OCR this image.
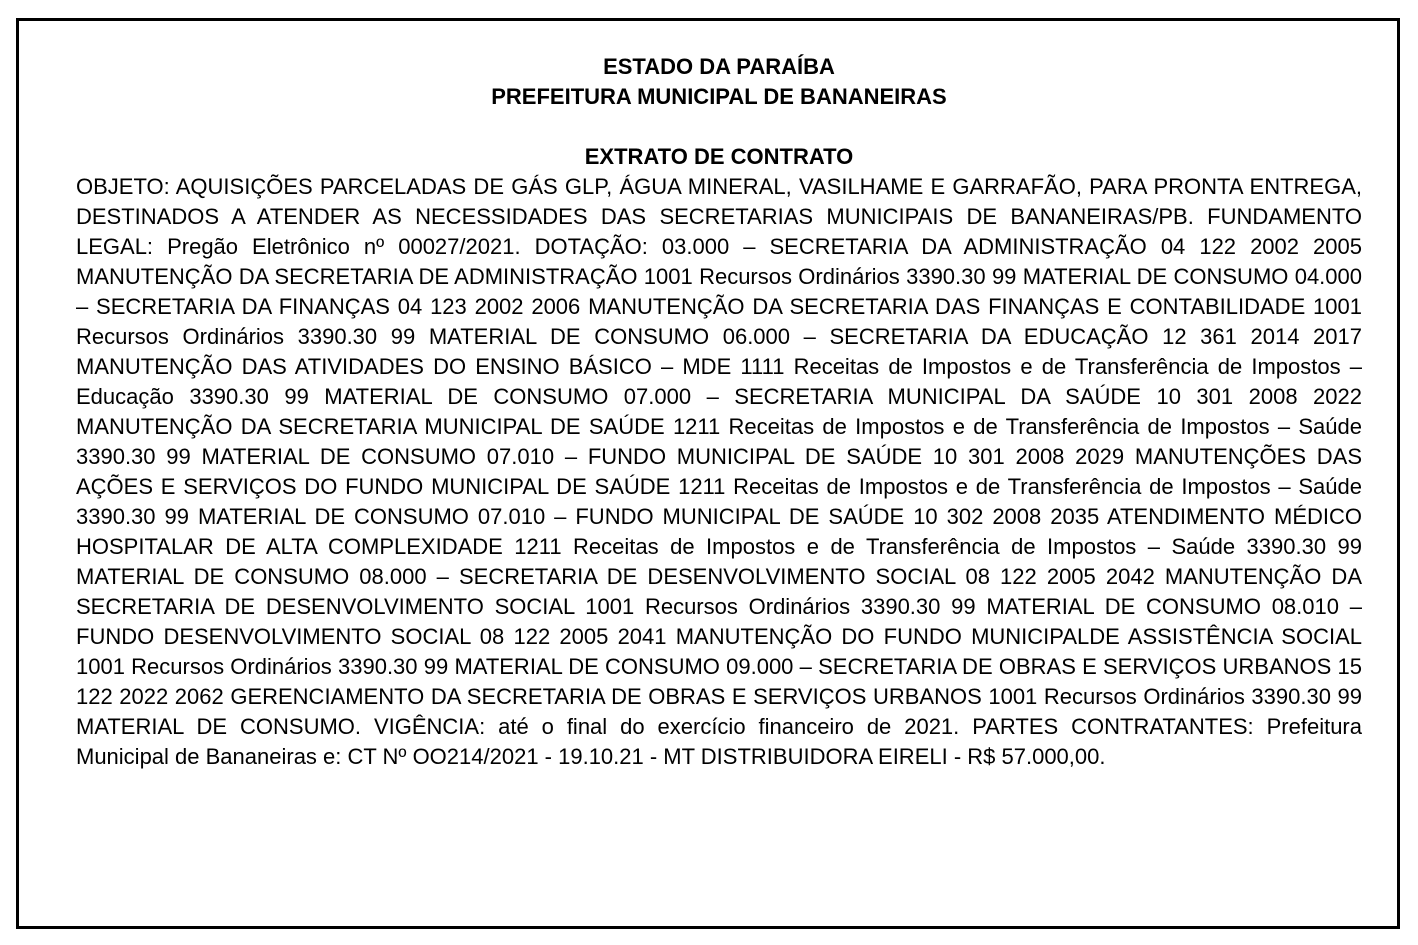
ESTADO DA PARAÍBA

PREFEITURA MUNICIPAL DE BANANEIRAS

EXTRATO DE CONTRATO

OBJETO: AQUISIÇÕES PARCELADAS DE GÁS GLP, ÁGUA MINERAL, VASILHAME E GARRAFÃO, PARA PRONTA ENTREGA, DESTINADOS A ATENDER AS NECESSIDADES DAS SECRETARIAS MUNICIPAIS DE BANANEIRAS/PB. FUNDAMENTO LEGAL: Pregão Eletrônico nº 00027/2021. DOTAÇÃO: 03.000 – SECRETARIA DA ADMINISTRAÇÃO 04 122 2002 2005 MANUTENÇÃO DA SECRETARIA DE ADMINISTRAÇÃO 1001 Recursos Ordinários 3390.30 99 MATERIAL DE CONSUMO 04.000 – SECRETARIA DA FINANÇAS 04 123 2002 2006 MANUTENÇÃO DA SECRETARIA DAS FINANÇAS E CONTABILIDADE 1001 Recursos Ordinários 3390.30 99 MATERIAL DE CONSUMO 06.000 – SECRETARIA DA EDUCAÇÃO 12 361 2014 2017 MANUTENÇÃO DAS ATIVIDADES DO ENSINO BÁSICO – MDE 1111 Receitas de Impostos e de Transferência de Impostos – Educação 3390.30 99 MATERIAL DE CONSUMO 07.000 – SECRETARIA MUNICIPAL DA SAÚDE 10 301 2008 2022 MANUTENÇÃO DA SECRETARIA MUNICIPAL DE SAÚDE 1211 Receitas de Impostos e de Transferência de Impostos – Saúde 3390.30 99 MATERIAL DE CONSUMO 07.010 – FUNDO MUNICIPAL DE SAÚDE 10 301 2008 2029 MANUTENÇÕES DAS AÇÕES E SERVIÇOS DO FUNDO MUNICIPAL DE SAÚDE 1211 Receitas de Impostos e de Transferência de Impostos – Saúde 3390.30 99 MATERIAL DE CONSUMO 07.010 – FUNDO MUNICIPAL DE SAÚDE 10 302 2008 2035 ATENDIMENTO MÉDICO HOSPITALAR DE ALTA COMPLEXIDADE 1211 Receitas de Impostos e de Transferência de Impostos – Saúde 3390.30 99 MATERIAL DE CONSUMO 08.000 – SECRETARIA DE DESENVOLVIMENTO SOCIAL 08 122 2005 2042 MANUTENÇÃO DA SECRETARIA DE DESENVOLVIMENTO SOCIAL 1001 Recursos Ordinários 3390.30 99 MATERIAL DE CONSUMO 08.010 – FUNDO DESENVOLVIMENTO SOCIAL 08 122 2005 2041 MANUTENÇÃO DO FUNDO MUNICIPALDE ASSISTÊNCIA SOCIAL 1001 Recursos Ordinários 3390.30 99 MATERIAL DE CONSUMO 09.000 – SECRETARIA DE OBRAS E SERVIÇOS URBANOS 15 122 2022 2062 GERENCIAMENTO DA SECRETARIA DE OBRAS E SERVIÇOS URBANOS 1001 Recursos Ordinários 3390.30 99 MATERIAL DE CONSUMO. VIGÊNCIA: até o final do exercício financeiro de 2021. PARTES CONTRATANTES: Prefeitura Municipal de Bananeiras e: CT Nº OO214/2021 - 19.10.21 - MT DISTRIBUIDORA EIRELI - R$ 57.000,00.
